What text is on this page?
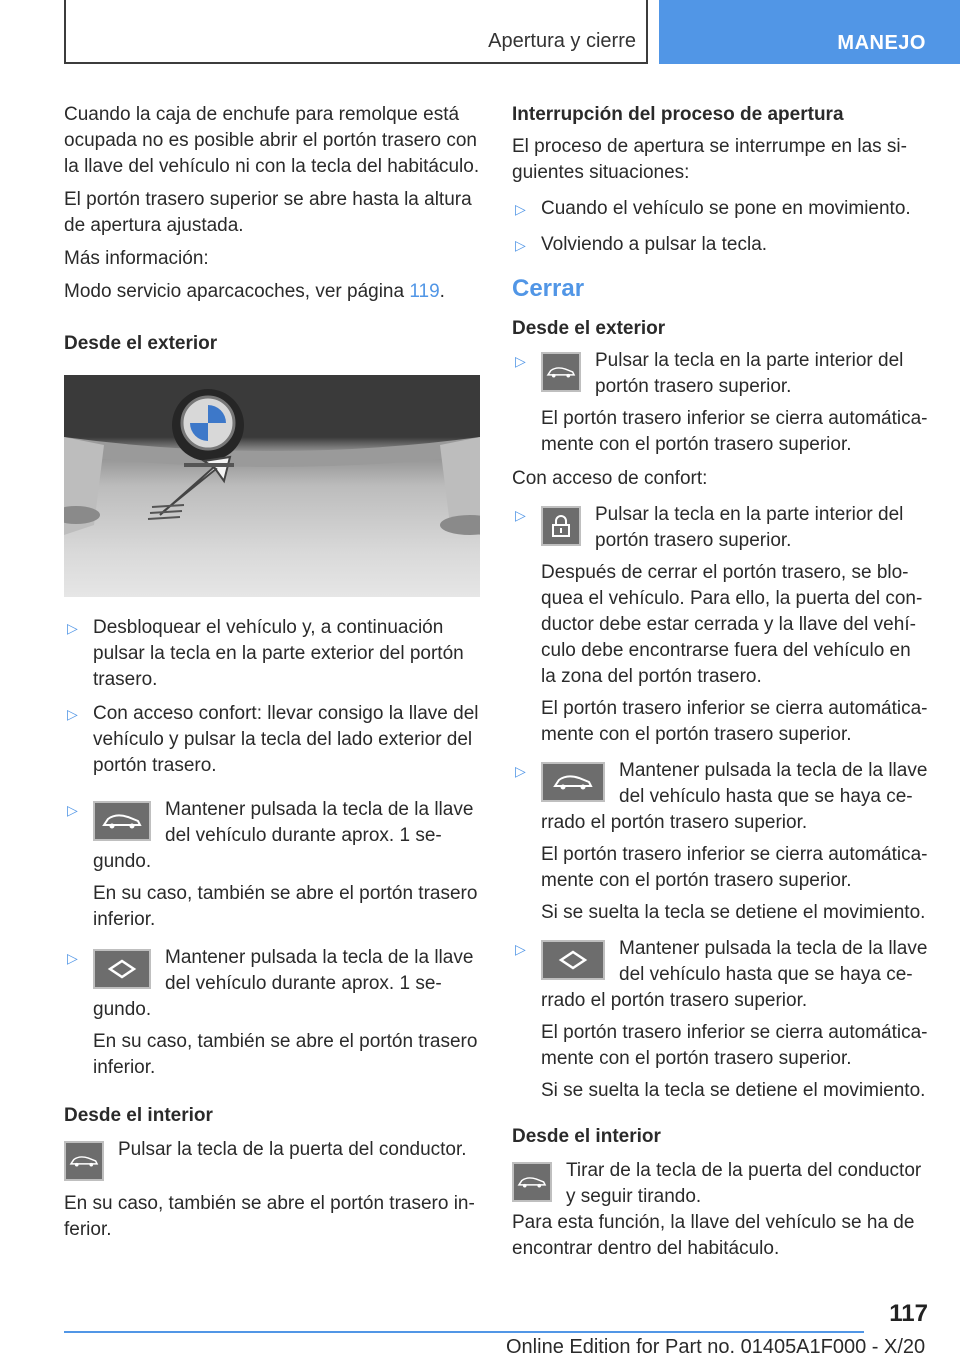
Apertura y cierre	MANEJO

Cuando la caja de enchufe para remolque está ocupada no es posible abrir el portón trasero con la llave del vehículo ni con la tecla del habitáculo.

El portón trasero superior se abre hasta la altura de apertura ajustada.

Más información:

Modo servicio aparcacoches, ver página 119.

Desde el exterior
▷ Desbloquear el vehículo y, a continuación pulsar la tecla en la parte exterior del portón trasero.
▷ Con acceso confort: llevar consigo la llave del vehículo y pulsar la tecla del lado exterior del portón trasero.
▷	Mantener pulsada la tecla de la llave del vehículo durante aprox. 1 se-gundo.
En su caso, también se abre el portón trasero inferior.
▷	Mantener pulsada la tecla de la llave del vehículo durante aprox. 1 se-gundo.
En su caso, también se abre el portón trasero inferior.
Desde el interior
Pulsar la tecla de la puerta del conductor.

En su caso, también se abre el portón trasero in-ferior.

Interrupción del proceso de apertura

El proceso de apertura se interrumpe en las si-guientes situaciones:

▷ Cuando el vehículo se pone en movimiento.
▷ Volviendo a pulsar la tecla.
Cerrar
Desde el exterior
▷	Pulsar la tecla en la parte interior del portón trasero superior.
El portón trasero inferior se cierra automática-mente con el portón trasero superior.

Con acceso de confort:

▷	Pulsar la tecla en la parte interior del portón trasero superior.
Después de cerrar el portón trasero, se blo-quea el vehículo. Para ello, la puerta del con-ductor debe estar cerrada y la llave del vehí-culo debe encontrarse fuera del vehículo en la zona del portón trasero.
El portón trasero inferior se cierra automática-mente con el portón trasero superior.
▷	Mantener pulsada la tecla de la llave del vehículo hasta que se haya ce-rrado el portón trasero superior.
El portón trasero inferior se cierra automática-mente con el portón trasero superior.
Si se suelta la tecla se detiene el movimiento.
▷	Mantener pulsada la tecla de la llave del vehículo hasta que se haya ce-rrado el portón trasero superior.
El portón trasero inferior se cierra automática-mente con el portón trasero superior.
Si se suelta la tecla se detiene el movimiento.
Desde el interior
Tirar de la tecla de la puerta del conductor y seguir tirando.

Para esta función, la llave del vehículo se ha de encontrar dentro del habitáculo.

117
Online Edition for Part no. 01405A1F000 - X/20
